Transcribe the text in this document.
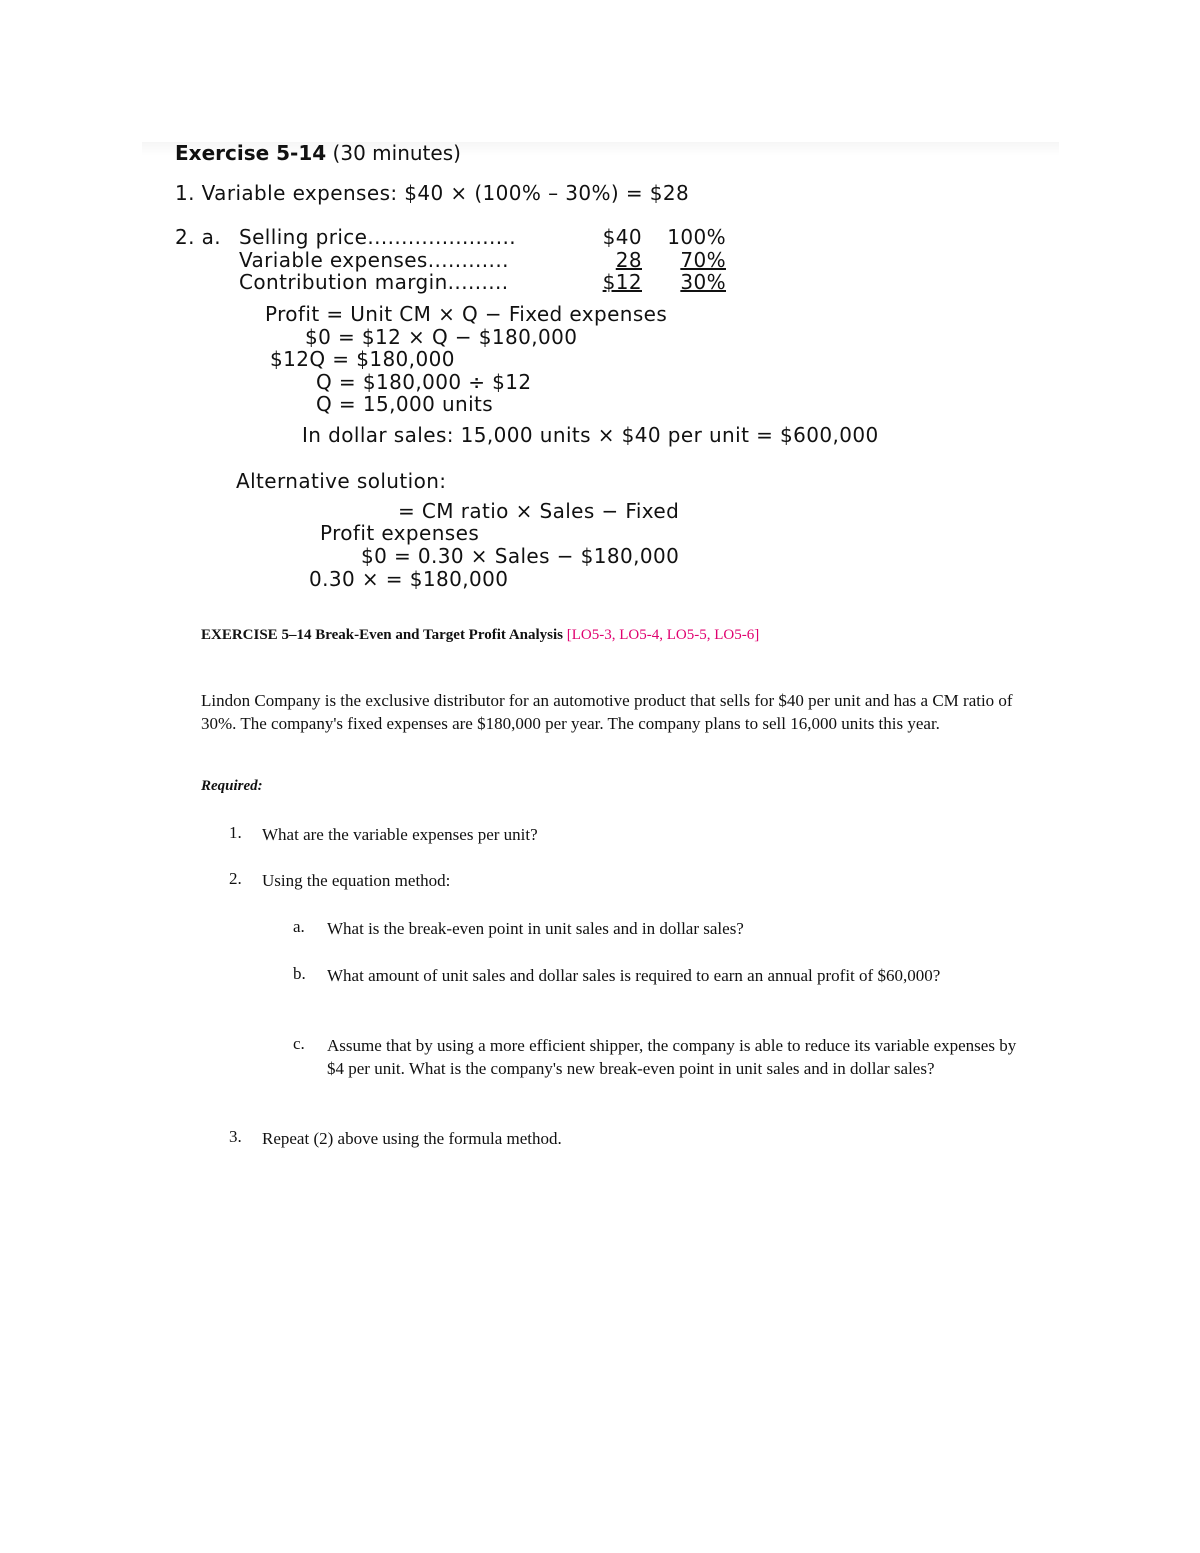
Exercise 5-14 (30 minutes)
1. Variable expenses: $40 × (100% – 30%) = $28
2. a. Selling price......................	$40	100%
Variable expenses............	28	70%
Contribution margin.........	$12	30%
Profit = Unit CM × Q − Fixed expenses
$0 = $12 × Q − $180,000
$12Q = $180,000
Q = $180,000 ÷ $12
Q = 15,000 units
In dollar sales: 15,000 units × $40 per unit = $600,000
Alternative solution:
= CM ratio × Sales − Fixed
Profit expenses
$0 = 0.30 × Sales − $180,000
0.30 × = $180,000
EXERCISE 5–14 Break-Even and Target Profit Analysis [LO5-3, LO5-4, LO5-5, LO5-6]
Lindon Company is the exclusive distributor for an automotive product that sells for $40 per unit and has a CM ratio of 30%. The company's fixed expenses are $180,000 per year. The company plans to sell 16,000 units this year.
Required:
1. What are the variable expenses per unit?
2. Using the equation method:
a. What is the break-even point in unit sales and in dollar sales?
b. What amount of unit sales and dollar sales is required to earn an annual profit of $60,000?
c. Assume that by using a more efficient shipper, the company is able to reduce its variable expenses by $4 per unit. What is the company's new break-even point in unit sales and in dollar sales?
3. Repeat (2) above using the formula method.
